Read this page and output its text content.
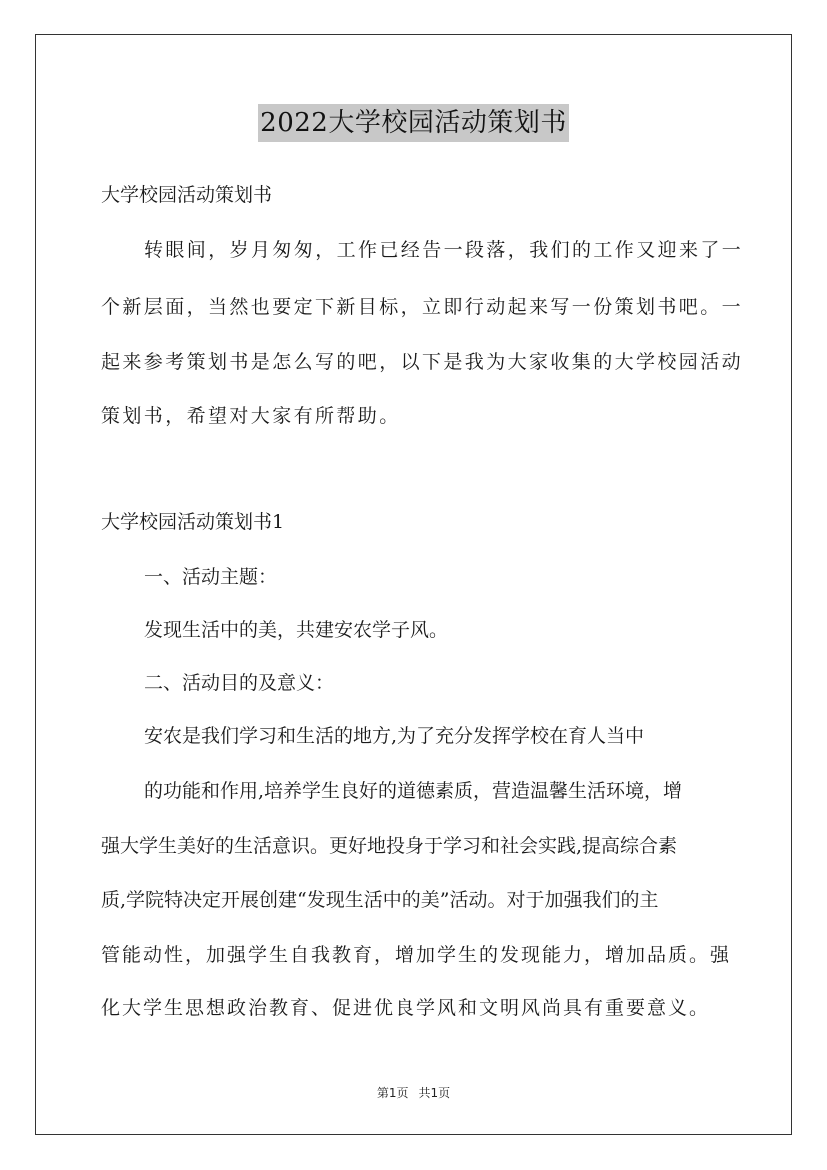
2022大学校园活动策划书
大学校园活动策划书
转眼间，岁月匆匆，工作已经告一段落，我们的工作又迎来了一
个新层面，当然也要定下新目标，立即行动起来写一份策划书吧。一
起来参考策划书是怎么写的吧，以下是我为大家收集的大学校园活动
策划书，希望对大家有所帮助。
大学校园活动策划书1
一、活动主题：
发现生活中的美，共建安农学子风。
二、活动目的及意义：
安农是我们学习和生活的地方,为了充分发挥学校在育人当中
的功能和作用,培养学生良好的道德素质，营造温馨生活环境，增
强大学生美好的生活意识。更好地投身于学习和社会实践,提高综合素
质,学院特决定开展创建“发现生活中的美”活动。对于加强我们的主
管能动性，加强学生自我教育，增加学生的发现能力，增加品质。强
化大学生思想政治教育、促进优良学风和文明风尚具有重要意义。
第1页 共1页
